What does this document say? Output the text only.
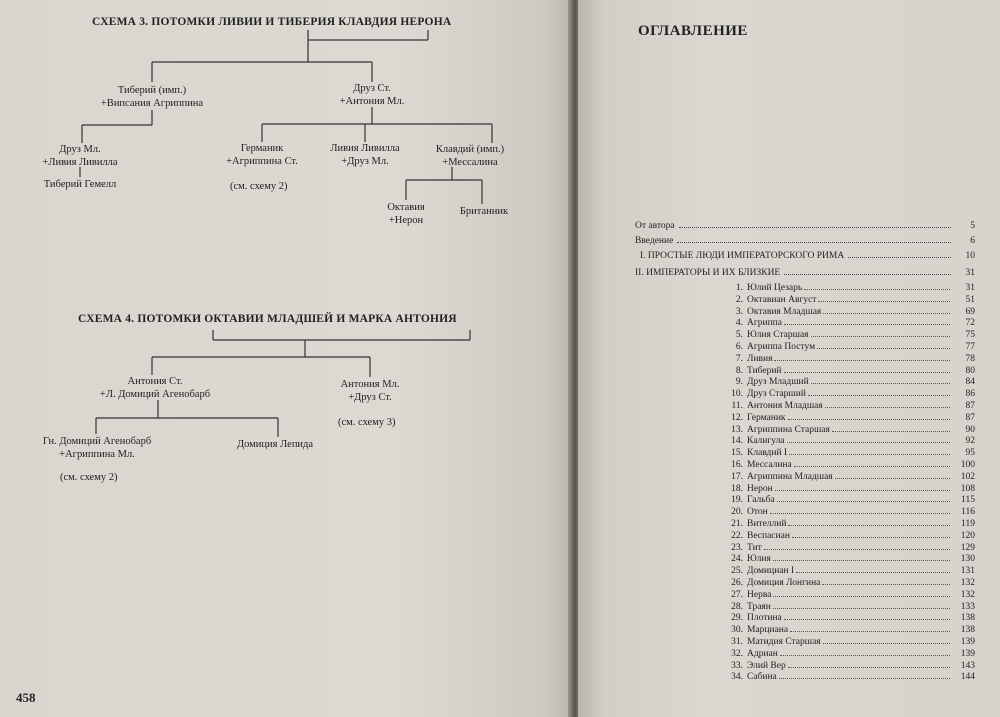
СХЕМА 3. ПОТОМКИ ЛИВИИ И ТИБЕРИЯ КЛАВДИЯ НЕРОНА
Тиберий (имп.)
+Випсания Агриппина
Друз Ст.
+Антония Мл.
Друз Мл.
+Ливия Ливилла
Тиберий Гемелл
Германик
+Агриппина Ст.
(см. схему 2)
Ливия Ливилла
+Друз Мл.
Клавдий (имп.)
+Мессалина
Октавия
+Нерон
Британник
СХЕМА 4. ПОТОМКИ ОКТАВИИ МЛАДШЕЙ И МАРКА АНТОНИЯ
Антония Ст.
+Л. Домиций Агенобарб
Антония Мл.
+Друз Ст.
(см. схему 3)
Гн. Домиций Агенобарб
+Агриппина Мл.
(см. схему 2)
Домиция Лепида
458
ОГЛАВЛЕНИЕ
От автора	5
Введение	6
I. ПРОСТЫЕ ЛЮДИ ИМПЕРАТОРСКОГО РИМА	10
II. ИМПЕРАТОРЫ И ИХ БЛИЗКИЕ	31
1. Юлий Цезарь	31
2. Октавиан Август	51
3. Октавия Младшая	69
4. Агриппа	72
5. Юлия Старшая	75
6. Агриппа Постум	77
7. Ливия	78
8. Тиберий	80
9. Друз Младший	84
10. Друз Старший	86
11. Антония Младшая	87
12. Германик	87
13. Агриппина Старшая	90
14. Калигула	92
15. Клавдий I	95
16. Мессалина	100
17. Агриппина Младшая	102
18. Нерон	108
19. Гальба	115
20. Отон	116
21. Вителлий	119
22. Веспасиан	120
23. Тит	129
24. Юлия	130
25. Домициан I	131
26. Домиция Лонгина	132
27. Нерва	132
28. Траян	133
29. Плотина	138
30. Марциана	138
31. Матидия Старшая	139
32. Адриан	139
33. Элий Вер	143
34. Сабина	144
